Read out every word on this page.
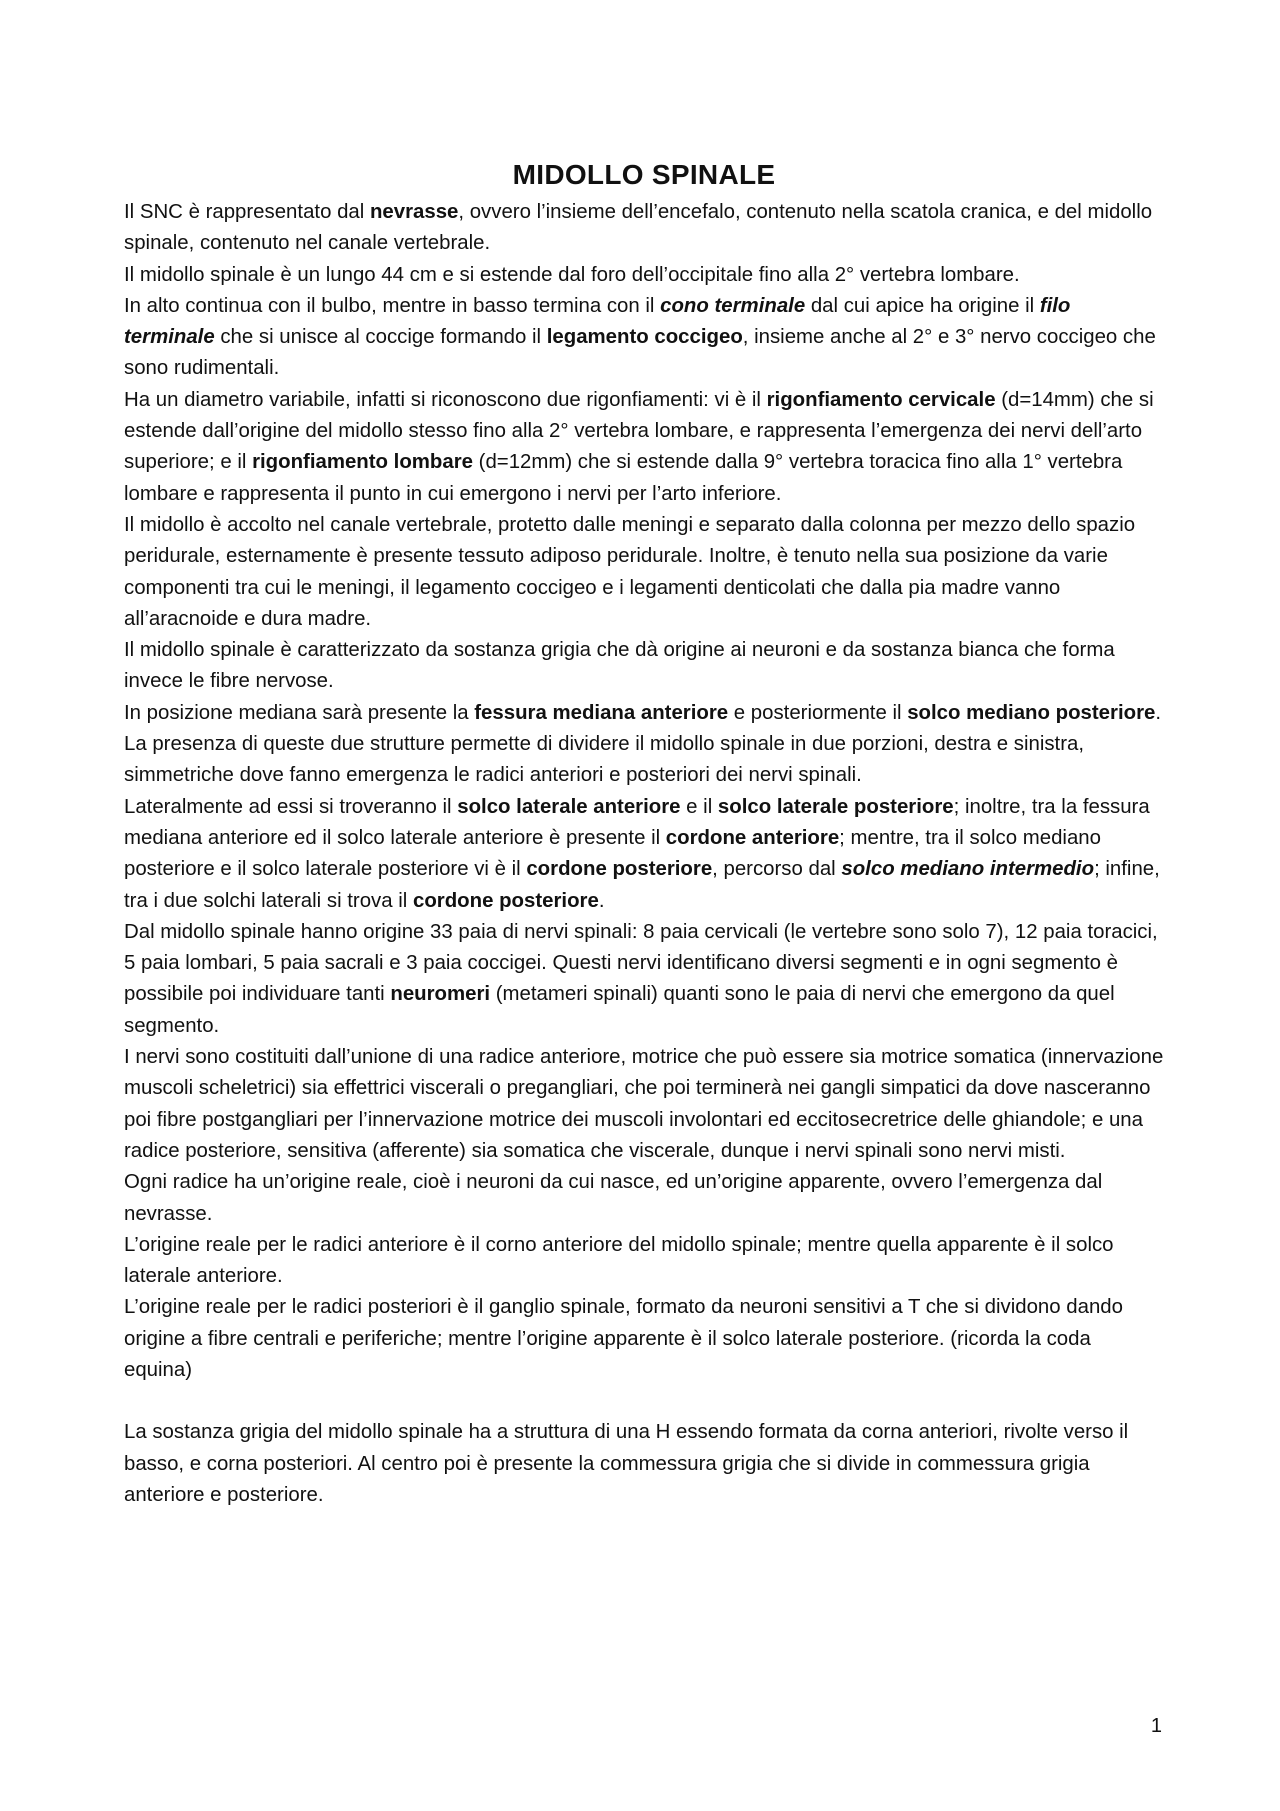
MIDOLLO SPINALE

Il SNC è rappresentato dal nevrasse, ovvero l’insieme dell’encefalo, contenuto nella scatola cranica, e del midollo spinale, contenuto nel canale vertebrale.

Il midollo spinale è un lungo 44 cm e si estende dal foro dell’occipitale fino alla 2° vertebra lombare.

In alto continua con il bulbo, mentre in basso termina con il cono terminale dal cui apice ha origine il filo terminale che si unisce al coccige formando il legamento coccigeo, insieme anche al 2° e 3° nervo coccigeo che sono rudimentali.

Ha un diametro variabile, infatti si riconoscono due rigonfiamenti: vi è il rigonfiamento cervicale (d=14mm) che si estende dall’origine del midollo stesso fino alla 2° vertebra lombare, e rappresenta l’emergenza dei nervi dell’arto superiore; e il rigonfiamento lombare (d=12mm) che si estende dalla 9° vertebra toracica fino alla 1° vertebra lombare e rappresenta il punto in cui emergono i nervi per l’arto inferiore.

Il midollo è accolto nel canale vertebrale, protetto dalle meningi e separato dalla colonna per mezzo dello spazio peridurale, esternamente è presente tessuto adiposo peridurale. Inoltre, è tenuto nella sua posizione da varie componenti tra cui le meningi, il legamento coccigeo e i legamenti denticolati che dalla pia madre vanno all’aracnoide e dura madre.

Il midollo spinale è caratterizzato da sostanza grigia che dà origine ai neuroni e da sostanza bianca che forma invece le fibre nervose.

In posizione mediana sarà presente la fessura mediana anteriore e posteriormente il solco mediano posteriore. La presenza di queste due strutture permette di dividere il midollo spinale in due porzioni, destra e sinistra, simmetriche dove fanno emergenza le radici anteriori e posteriori dei nervi spinali.

Lateralmente ad essi si troveranno il solco laterale anteriore e il solco laterale posteriore; inoltre, tra la fessura mediana anteriore ed il solco laterale anteriore è presente il cordone anteriore; mentre, tra il solco mediano posteriore e il solco laterale posteriore vi è il cordone posteriore, percorso dal solco mediano intermedio; infine, tra i due solchi laterali si trova il cordone posteriore.

Dal midollo spinale hanno origine 33 paia di nervi spinali: 8 paia cervicali (le vertebre sono solo 7), 12 paia toracici, 5 paia lombari, 5 paia sacrali e 3 paia coccigei. Questi nervi identificano diversi segmenti e in ogni segmento è possibile poi individuare tanti neuromeri (metameri spinali) quanti sono le paia di nervi che emergono da quel segmento.

I nervi sono costituiti dall’unione di una radice anteriore, motrice che può essere sia motrice somatica (innervazione muscoli scheletrici) sia effettrici viscerali o pregangliari, che poi terminerà nei gangli simpatici da dove nasceranno poi fibre postgangliari per l’innervazione motrice dei muscoli involontari ed eccitosecretrice delle ghiandole; e una radice posteriore, sensitiva (afferente) sia somatica che viscerale, dunque i nervi spinali sono nervi misti.

Ogni radice ha un’origine reale, cioè i neuroni da cui nasce, ed un’origine apparente, ovvero l’emergenza dal nevrasse.

L’origine reale per le radici anteriore è il corno anteriore del midollo spinale; mentre quella apparente è il solco laterale anteriore.

L’origine reale per le radici posteriori è il ganglio spinale, formato da neuroni sensitivi a T che si dividono dando origine a fibre centrali e periferiche; mentre l’origine apparente è il solco laterale posteriore. (ricorda la coda equina)

La sostanza grigia del midollo spinale ha a struttura di una H essendo formata da corna anteriori, rivolte verso il basso, e corna posteriori. Al centro poi è presente la commessura grigia che si divide in commessura grigia anteriore e posteriore.

1
